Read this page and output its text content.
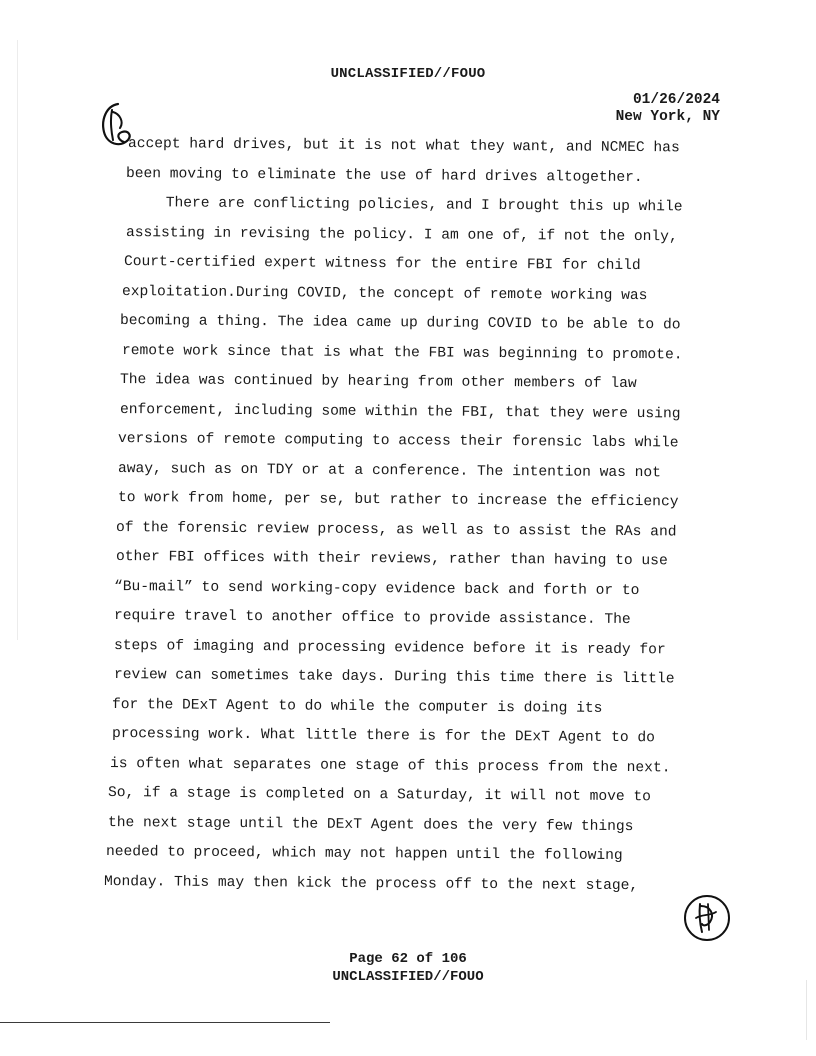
UNCLASSIFIED//FOUO
01/26/2024
New York, NY
accept hard drives, but it is not what they want, and NCMEC has
been moving to eliminate the use of hard drives altogether.
There are conflicting policies, and I brought this up while
assisting in revising the policy. I am one of, if not the only,
Court-certified expert witness for the entire FBI for child
exploitation.During COVID, the concept of remote working was
becoming a thing. The idea came up during COVID to be able to do
remote work since that is what the FBI was beginning to promote.
The idea was continued by hearing from other members of law
enforcement, including some within the FBI, that they were using
versions of remote computing to access their forensic labs while
away, such as on TDY or at a conference. The intention was not
to work from home, per se, but rather to increase the efficiency
of the forensic review process, as well as to assist the RAs and
other FBI offices with their reviews, rather than having to use
“Bu-mail” to send working-copy evidence back and forth or to
require travel to another office to provide assistance. The
steps of imaging and processing evidence before it is ready for
review can sometimes take days. During this time there is little
for the DExT Agent to do while the computer is doing its
processing work. What little there is for the DExT Agent to do
is often what separates one stage of this process from the next.
So, if a stage is completed on a Saturday, it will not move to
the next stage until the DExT Agent does the very few things
needed to proceed, which may not happen until the following
Monday. This may then kick the process off to the next stage,
Page 62 of 106
UNCLASSIFIED//FOUO
